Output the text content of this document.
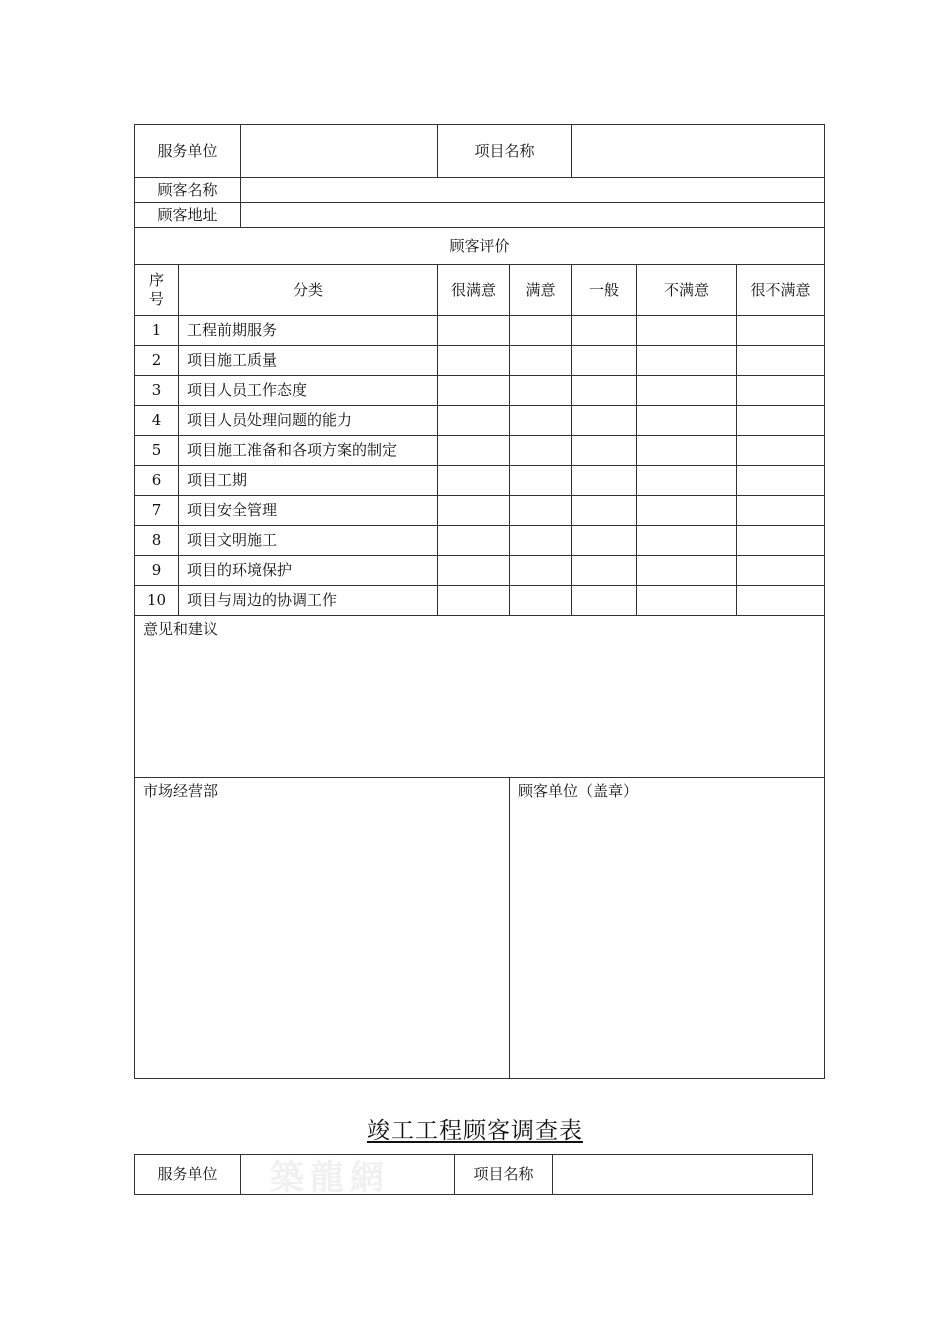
服务单位			项目名称				
顾客名称							
顾客地址							
顾客评价							
序
号	分类		很满意	满意	一般	不满意	很不满意
1	工程前期服务						
2	项目施工质量						
3	项目人员工作态度						
4	项目人员处理问题的能力						
5	项目施工准备和各项方案的制定						
6	项目工期						
7	项目安全管理						
8	项目文明施工						
9	项目的环境保护						
10	项目与周边的协调工作						
意见和建议							
市场经营部				顾客单位（盖章）			
竣工工程顾客调查表
築龍網
服务单位		项目名称	
